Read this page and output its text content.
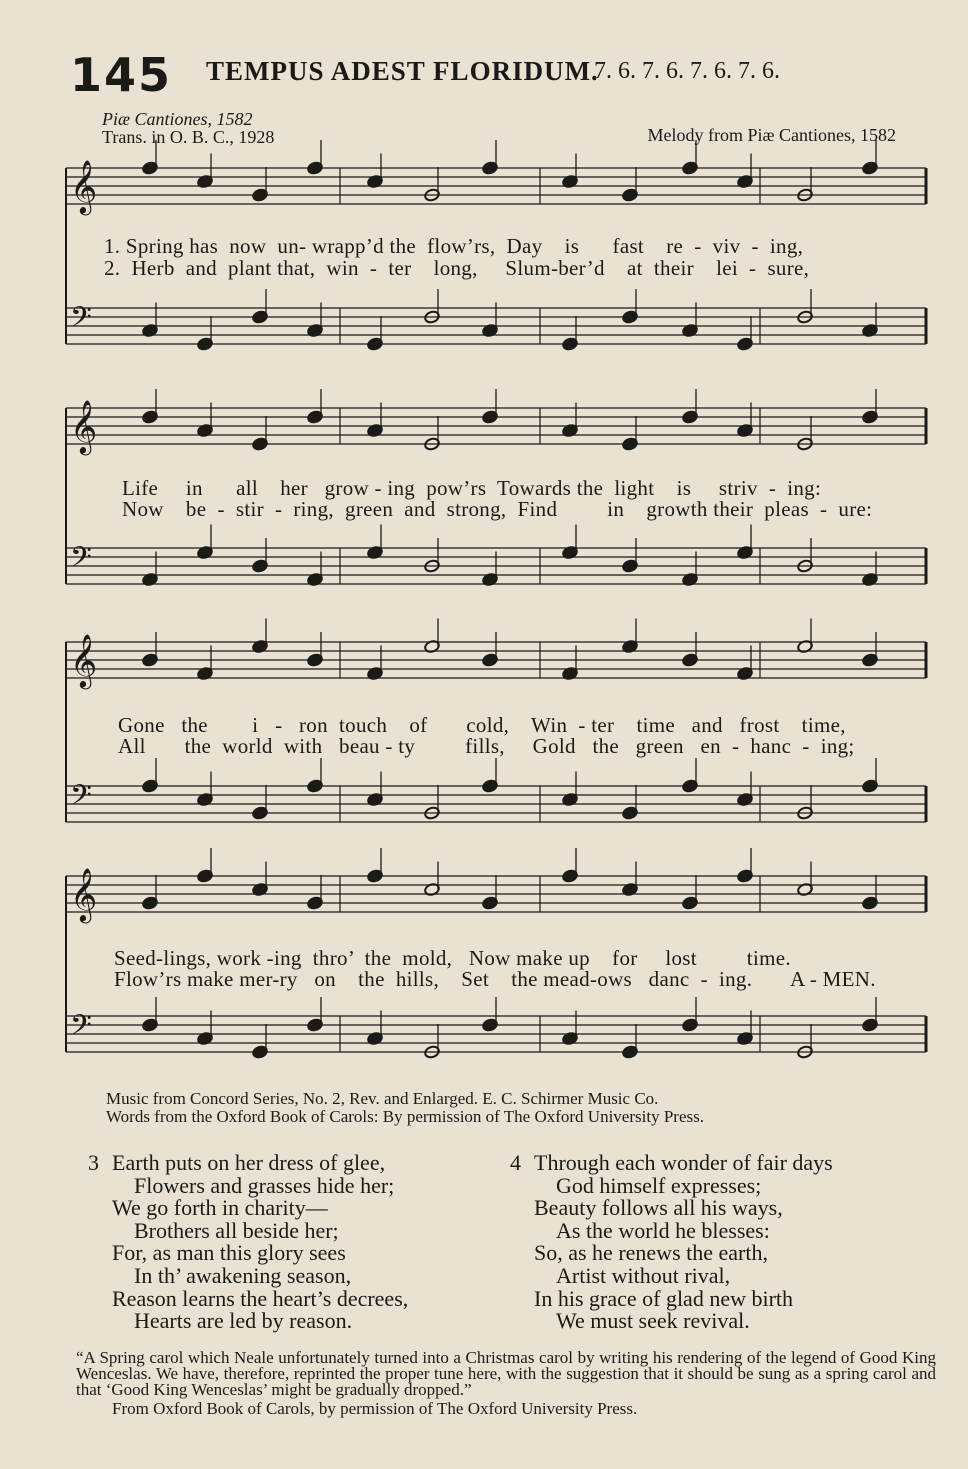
145 TEMPUS ADEST FLORIDUM.
7. 6. 7. 6. 7. 6. 7. 6.
Piæ Cantiones, 1582
Trans. in O. B. C., 1928	Melody from Piæ Cantiones, 1582
𝄞
𝄢
𝄞
𝄢
𝄞
𝄢
𝄞
𝄢
1. Spring has  now  un- wrapp’d the  flow’rs,  Day    is      fast    re  -  viv  -  ing,
2.  Herb  and  plant that,  win  -  ter    long,     Slum-ber’d    at  their    lei  -  sure,
Life     in      all    her   grow - ing  pow’rs  Towards the  light    is     striv  -  ing:
Now    be  -  stir  -  ring,  green  and  strong,  Find         in    growth their  pleas  -  ure:
Gone   the        i   -   ron  touch    of       cold,    Win  - ter    time   and   frost    time,
All       the  world  with   beau - ty         fills,     Gold   the   green   en  -  hanc  -  ing;
Seed-lings, work -ing  thro’  the  mold,   Now make up    for     lost         time.
Flow’rs make mer-ry   on    the  hills,    Set    the mead-ows   danc  -  ing.       A - MEN.
Music from Concord Series, No. 2, Rev. and Enlarged. E. C. Schirmer Music Co.
Words from the Oxford Book of Carols: By permission of The Oxford University Press.
3 Earth puts on her dress of glee,
Flowers and grasses hide her;
We go forth in charity—
Brothers all beside her;
For, as man this glory sees
In th’ awakening season,
Reason learns the heart’s decrees,
Hearts are led by reason.
4 Through each wonder of fair days
God himself expresses;
Beauty follows all his ways,
As the world he blesses:
So, as he renews the earth,
Artist without rival,
In his grace of glad new birth
We must seek revival.
“A Spring carol which Neale unfortunately turned into a Christmas carol by writing his rendering of the legend of Good King Wenceslas. We have, therefore, reprinted the proper tune here, with the suggestion that it should be sung as a spring carol and that ‘Good King Wenceslas’ might be gradually dropped.”
From Oxford Book of Carols, by permission of The Oxford University Press.
